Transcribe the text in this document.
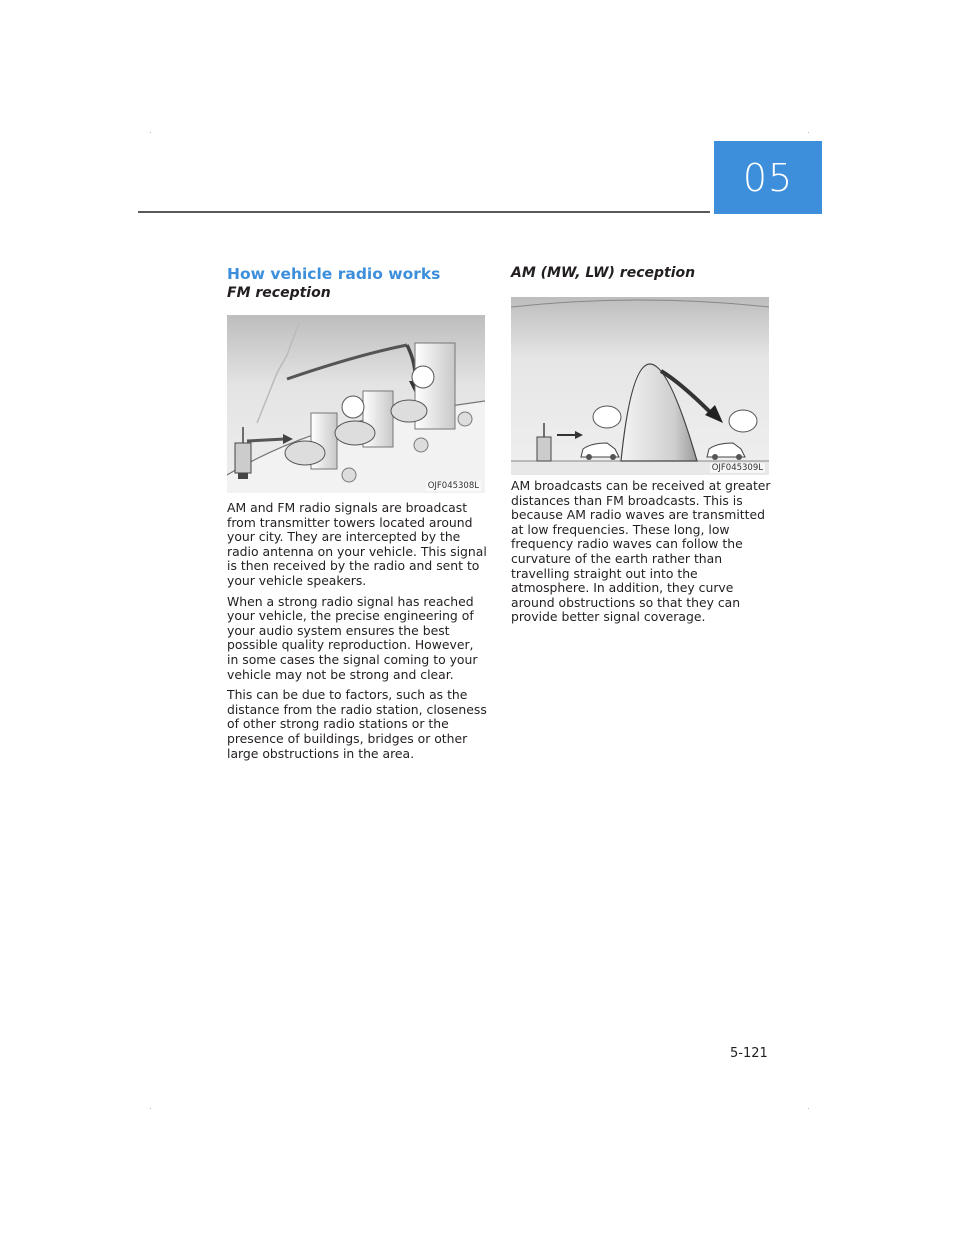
05
How vehicle radio works
FM reception
OJF045308L

AM and FM radio signals are broadcast from transmitter towers located around your city. They are intercepted by the radio antenna on your vehicle. This signal is then received by the radio and sent to your vehicle speakers.

When a strong radio signal has reached your vehicle, the precise engineering of your audio system ensures the best possible quality reproduction. However, in some cases the signal coming to your vehicle may not be strong and clear.

This can be due to factors, such as the distance from the radio station, closeness of other strong radio stations or the presence of buildings, bridges or other large obstructions in the area.

AM (MW, LW) reception
OJF045309L

AM broadcasts can be received at greater distances than FM broadcasts. This is because AM radio waves are transmitted at low frequencies. These long, low frequency radio waves can follow the curvature of the earth rather than travelling straight out into the atmosphere. In addition, they curve around obstructions so that they can provide better signal coverage.

5-121
